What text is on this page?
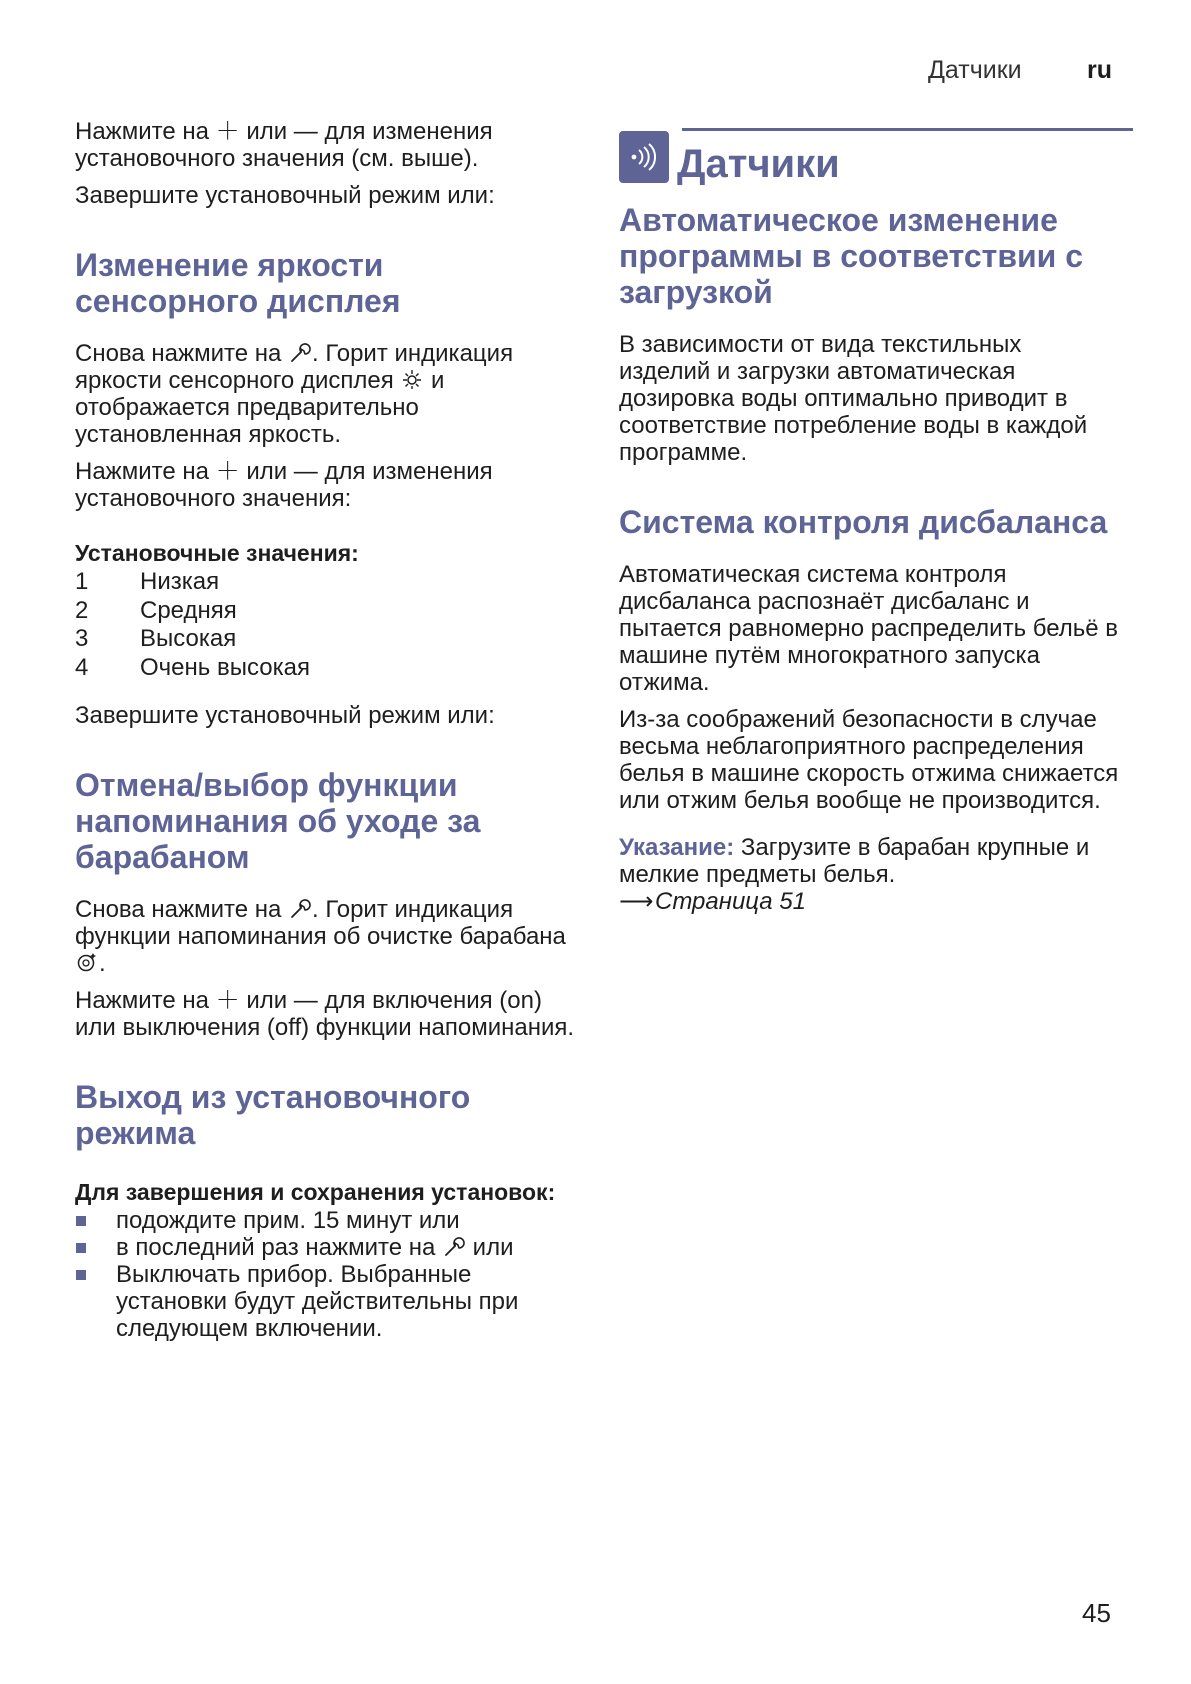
Датчики	ru

Нажмите на ＋ или — для изменения установочного значения (см. выше).

Завершите установочный режим или:

Изменение яркости сенсорного дисплея

Снова нажмите на . Горит индикация яркости сенсорного дисплея  и отображается предварительно установленная яркость.

Нажмите на ＋ или — для изменения установочного значения:

Установочные значения:
1	Низкая
2	Средняя
3	Высокая
4	Очень высокая

Завершите установочный режим или:

Отмена/выбор функции напоминания об уходе за барабаном

Снова нажмите на . Горит индикация функции напоминания об очистке барабана .

Нажмите на ＋ или — для включения (on) или выключения (off) функции напоминания.

Выход из установочного режима
Для завершения и сохранения установок:
подождите прим. 15 минут или
в последний раз нажмите на  или
Выключать прибор. Выбранные установки будут действительны при следующем включении.
Датчики
Автоматическое изменение программы в соответствии с загрузкой

В зависимости от вида текстильных изделий и загрузки автоматическая дозировка воды оптимально приводит в соответствие потребление воды в каждой программе.

Система контроля дисбаланса

Автоматическая система контроля дисбаланса распознаёт дисбаланс и пытается равномерно распределить бельё в машине путём многократного запуска отжима.

Из-за соображений безопасности в случае весьма неблагоприятного распределения белья в машине скорость отжима снижается или отжим белья вообще не производится.

Указание: Загрузите в барабан крупные и мелкие предметы белья.
⟶Страница 51

45
